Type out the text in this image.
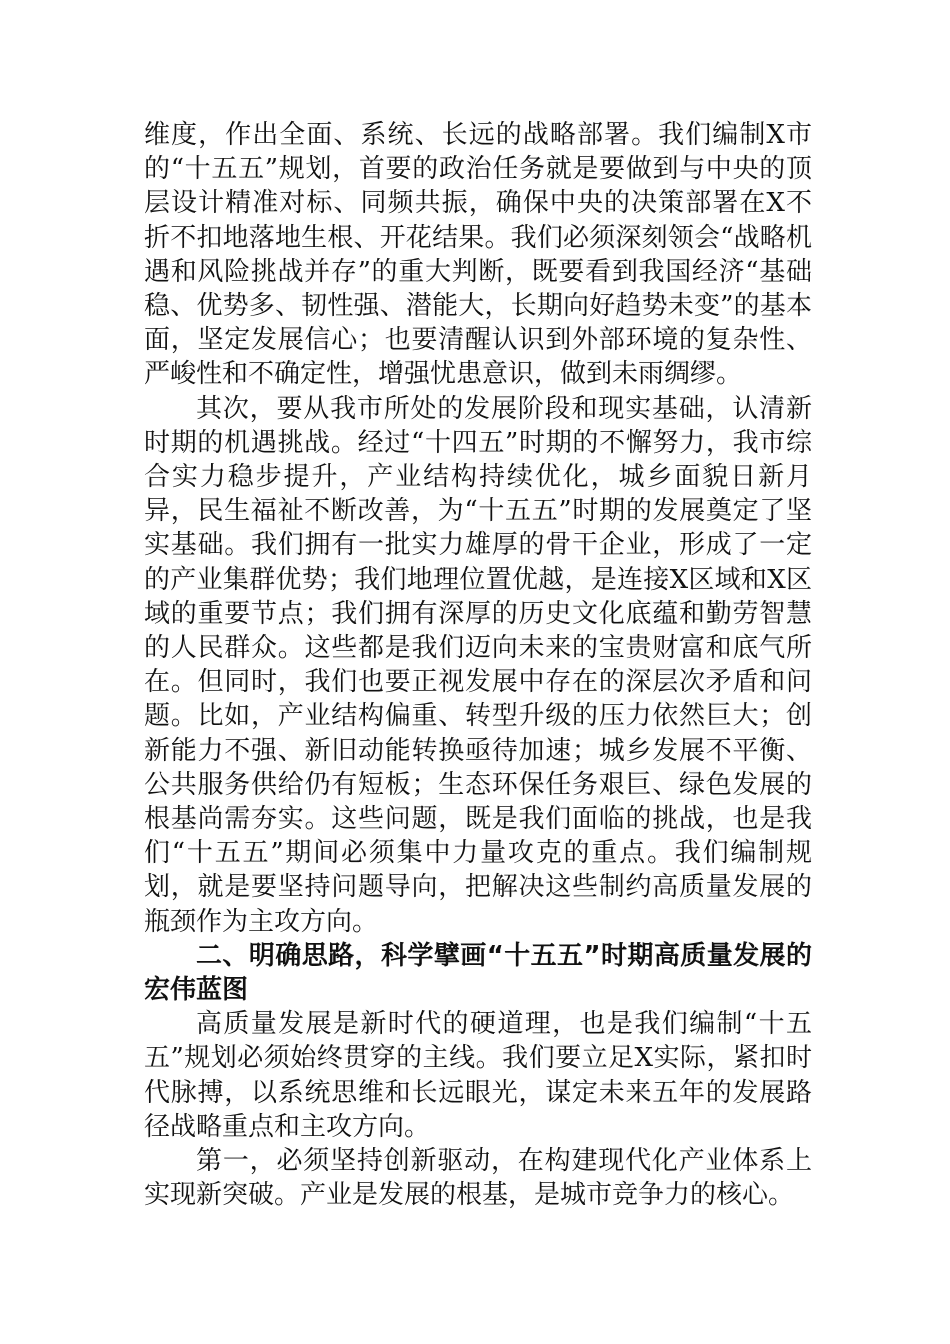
维度，作出全面、系统、长远的战略部署。我们编制X市的“十五五”规划，首要的政治任务就是要做到与中央的顶层设计精准对标、同频共振，确保中央的决策部署在X不折不扣地落地生根、开花结果。我们必须深刻领会“战略机遇和风险挑战并存”的重大判断，既要看到我国经济“基础稳、优势多、韧性强、潜能大，长期向好趋势未变”的基本面，坚定发展信心；也要清醒认识到外部环境的复杂性、严峻性和不确定性，增强忧患意识，做到未雨绸缪。

其次，要从我市所处的发展阶段和现实基础，认清新时期的机遇挑战。经过“十四五”时期的不懈努力，我市综合实力稳步提升，产业结构持续优化，城乡面貌日新月异，民生福祉不断改善，为“十五五”时期的发展奠定了坚实基础。我们拥有一批实力雄厚的骨干企业，形成了一定的产业集群优势；我们地理位置优越，是连接X区域和X区域的重要节点；我们拥有深厚的历史文化底蕴和勤劳智慧的人民群众。这些都是我们迈向未来的宝贵财富和底气所在。但同时，我们也要正视发展中存在的深层次矛盾和问题。比如，产业结构偏重、转型升级的压力依然巨大；创新能力不强、新旧动能转换亟待加速；城乡发展不平衡、公共服务供给仍有短板；生态环保任务艰巨、绿色发展的根基尚需夯实。这些问题，既是我们面临的挑战，也是我们“十五五”期间必须集中力量攻克的重点。我们编制规划，就是要坚持问题导向，把解决这些制约高质量发展的瓶颈作为主攻方向。

二、明确思路，科学擘画“十五五”时期高质量发展的宏伟蓝图

高质量发展是新时代的硬道理，也是我们编制“十五五”规划必须始终贯穿的主线。我们要立足X实际，紧扣时代脉搏，以系统思维和长远眼光，谋定未来五年的发展路径战略重点和主攻方向。

第一，必须坚持创新驱动，在构建现代化产业体系上实现新突破。产业是发展的根基，是城市竞争力的核心。
